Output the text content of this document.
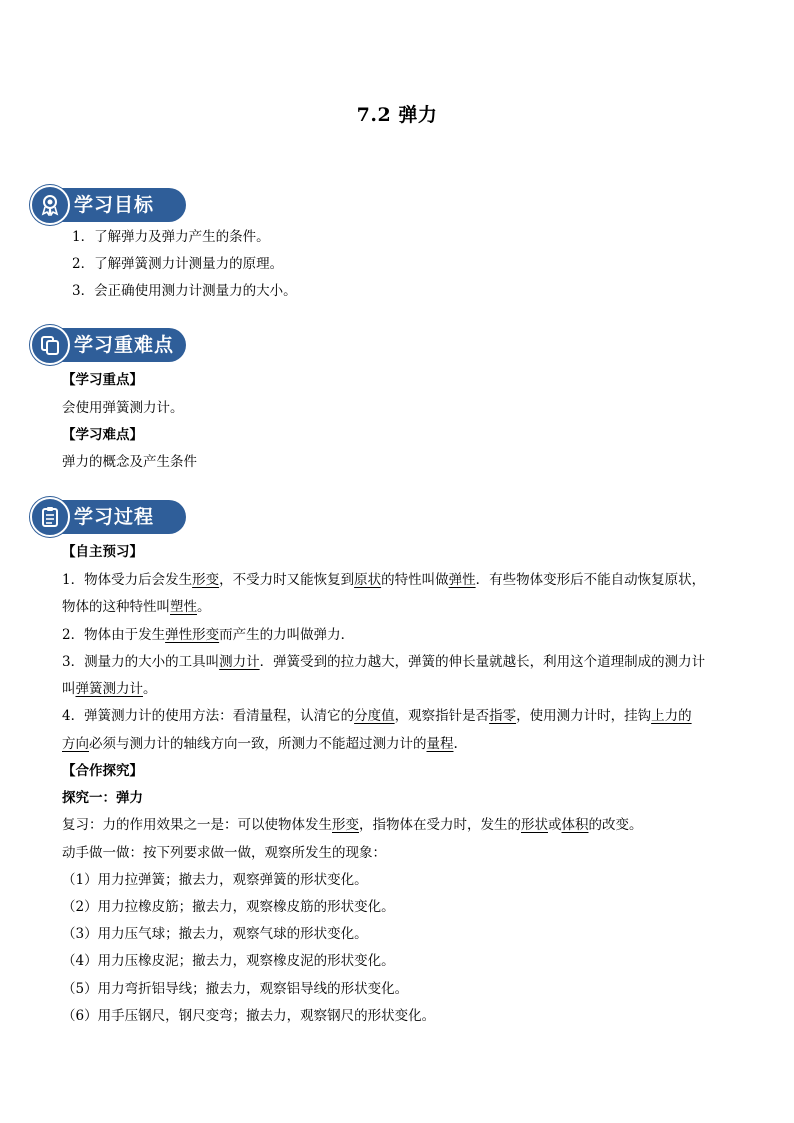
7.2 弹力
学习目标
1．了解弹力及弹力产生的条件。
2．了解弹簧测力计测量力的原理。
3．会正确使用测力计测量力的大小。
学习重难点
【学习重点】
会使用弹簧测力计。
【学习难点】
弹力的概念及产生条件
学习过程
【自主预习】
1．物体受力后会发生形变，不受力时又能恢复到原状的特性叫做弹性．有些物体变形后不能自动恢复原状，
物体的这种特性叫塑性。
2．物体由于发生弹性形变而产生的力叫做弹力．
3．测量力的大小的工具叫测力计．弹簧受到的拉力越大，弹簧的伸长量就越长，利用这个道理制成的测力计
叫弹簧测力计。
4．弹簧测力计的使用方法：看清量程，认清它的分度值，观察指针是否指零，使用测力计时，挂钩上力的
方向必须与测力计的轴线方向一致，所测力不能超过测力计的量程.
【合作探究】
探究一：弹力
复习：力的作用效果之一是：可以使物体发生形变，指物体在受力时，发生的形状或体积的改变。
动手做一做：按下列要求做一做，观察所发生的现象：
（1）用力拉弹簧；撤去力，观察弹簧的形状变化。
（2）用力拉橡皮筋；撤去力，观察橡皮筋的形状变化。
（3）用力压气球；撤去力，观察气球的形状变化。
（4）用力压橡皮泥；撤去力，观察橡皮泥的形状变化。
（5）用力弯折铝导线；撤去力，观察铝导线的形状变化。
（6）用手压钢尺，钢尺变弯；撤去力，观察钢尺的形状变化。
